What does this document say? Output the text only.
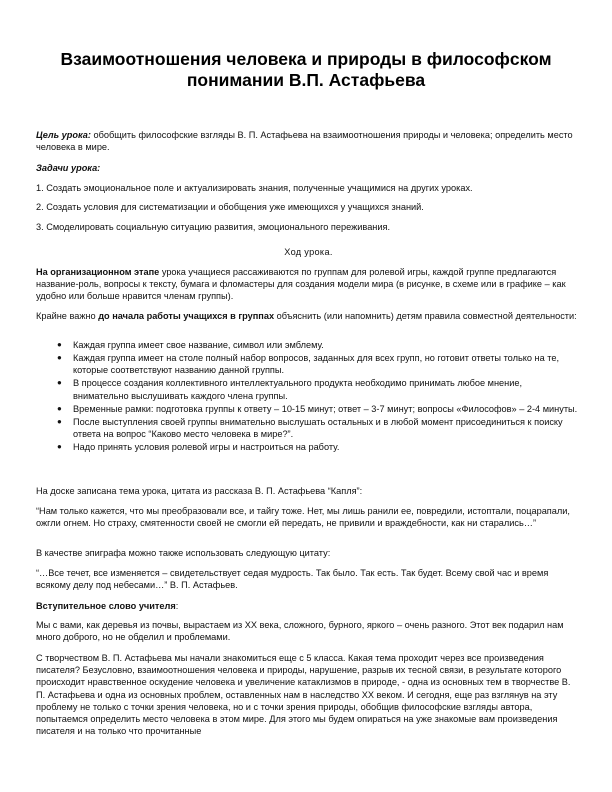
Взаимоотношения человека и природы в философском
понимании В.П. Астафьева
Цель урока: обобщить философские взгляды В. П. Астафьева на взаимоотношения природы и человека; определить место человека в мире.
Задачи урока:
1. Создать эмоциональное поле и актуализировать знания, полученные учащимися на других уроках.
2. Создать условия для систематизации и обобщения уже имеющихся у учащихся знаний.
3. Смоделировать социальную ситуацию развития, эмоционального переживания.
Ход урока.
На организационном этапе урока учащиеся рассаживаются по группам для ролевой игры, каждой группе предлагаются название-роль, вопросы к тексту, бумага и фломастеры для создания модели мира (в рисунке, в схеме или в графике – как удобно или больше нравится членам группы).
Крайне важно до начала работы учащихся в группах объяснить (или напомнить) детям правила совместной деятельности:
● Каждая группа имеет свое название, символ или эмблему.
● Каждая группа имеет на столе полный набор вопросов, заданных для всех групп, но готовит ответы только на те, которые соответствуют названию данной группы.
● В процессе создания коллективного интеллектуального продукта необходимо принимать любое мнение, внимательно выслушивать каждого члена группы.
● Временные рамки: подготовка группы к ответу – 10-15 минут; ответ – 3-7 минут; вопросы «Философов» – 2-4 минуты.
● После выступления своей группы внимательно выслушать остальных и в любой момент присоединиться к поиску ответа на вопрос “Каково место человека в мире?”.
● Надо принять условия ролевой игры и настроиться на работу.
На доске записана тема урока, цитата из рассказа В. П. Астафьева “Капля”:
“Нам только кажется, что мы преобразовали все, и тайгу тоже. Нет, мы лишь ранили ее, повредили, истоптали, поцарапали, ожгли огнем. Но страху, смятенности своей не смогли ей передать, не привили и враждебности, как ни старались…”
В качестве эпиграфа можно также использовать следующую цитату:
“…Все течет, все изменяется – свидетельствует седая мудрость. Так было. Так есть. Так будет. Всему свой час и время всякому делу под небесами…” В. П. Астафьев.
Вступительное слово учителя:
Мы с вами, как деревья из почвы, вырастаем из XX века, сложного, бурного, яркого – очень разного. Этот век подарил нам много доброго, но не обделил и проблемами.
С творчеством В. П. Астафьева мы начали знакомиться еще с 5 класса. Какая тема проходит через все произведения писателя? Безусловно, взаимоотношения человека и природы, нарушение, разрыв их тесной связи, в результате которого происходит нравственное оскудение человека и увеличение катаклизмов в природе, - одна из основных тем в творчестве В. П. Астафьева и одна из основных проблем, оставленных нам в наследство XX веком. И сегодня, еще раз взглянув на эту проблему не только с точки зрения человека, но и с точки зрения природы, обобщив философские взгляды автора, попытаемся определить место человека в этом мире. Для этого мы будем опираться на уже знакомые вам произведения писателя и на только что прочитанные
